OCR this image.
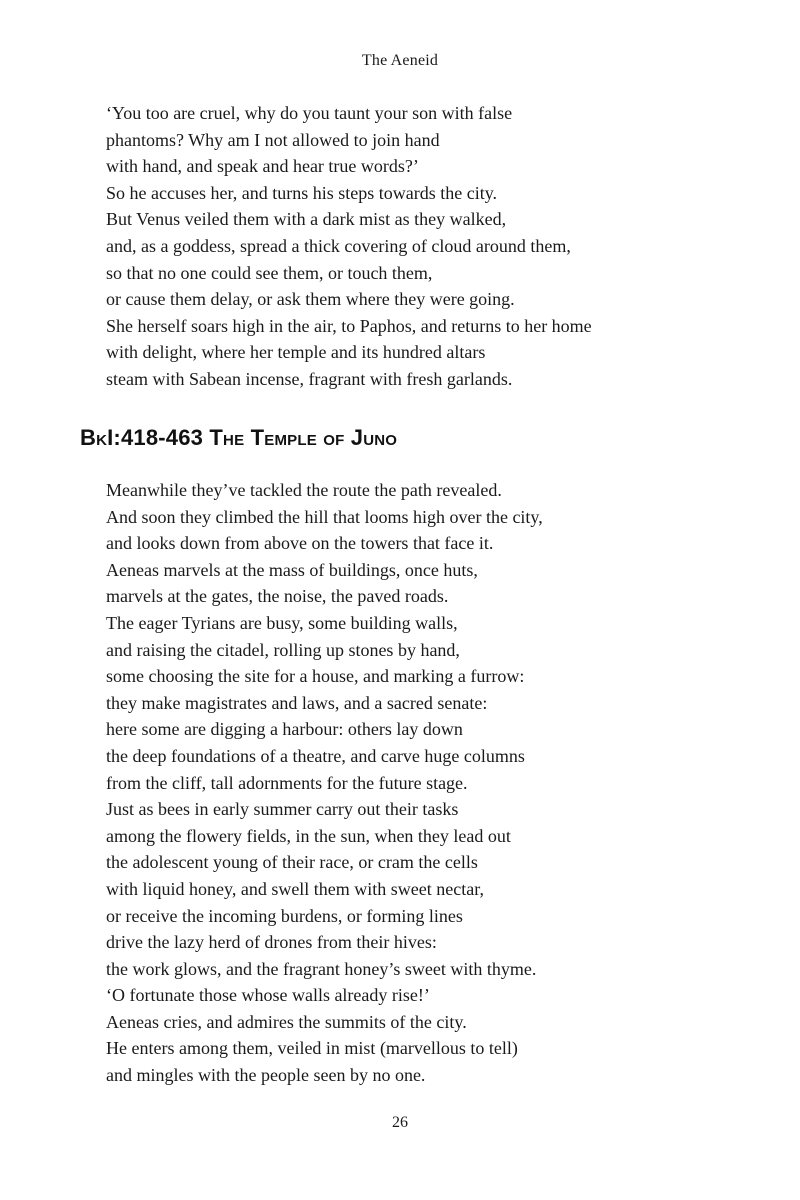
The Aeneid
‘You too are cruel, why do you taunt your son with false
phantoms? Why am I not allowed to join hand
with hand, and speak and hear true words?’
So he accuses her, and turns his steps towards the city.
But Venus veiled them with a dark mist as they walked,
and, as a goddess, spread a thick covering of cloud around them,
so that no one could see them, or touch them,
or cause them delay, or ask them where they were going.
She herself soars high in the air, to Paphos, and returns to her home
with delight, where her temple and its hundred altars
steam with Sabean incense, fragrant with fresh garlands.
BkI:418-463 The Temple of Juno
Meanwhile they’ve tackled the route the path revealed.
And soon they climbed the hill that looms high over the city,
and looks down from above on the towers that face it.
Aeneas marvels at the mass of buildings, once huts,
marvels at the gates, the noise, the paved roads.
The eager Tyrians are busy, some building walls,
and raising the citadel, rolling up stones by hand,
some choosing the site for a house, and marking a furrow:
they make magistrates and laws, and a sacred senate:
here some are digging a harbour: others lay down
the deep foundations of a theatre, and carve huge columns
from the cliff, tall adornments for the future stage.
Just as bees in early summer carry out their tasks
among the flowery fields, in the sun, when they lead out
the adolescent young of their race, or cram the cells
with liquid honey, and swell them with sweet nectar,
or receive the incoming burdens, or forming lines
drive the lazy herd of drones from their hives:
the work glows, and the fragrant honey’s sweet with thyme.
‘O fortunate those whose walls already rise!’
Aeneas cries, and admires the summits of the city.
He enters among them, veiled in mist (marvellous to tell)
and mingles with the people seen by no one.
26
